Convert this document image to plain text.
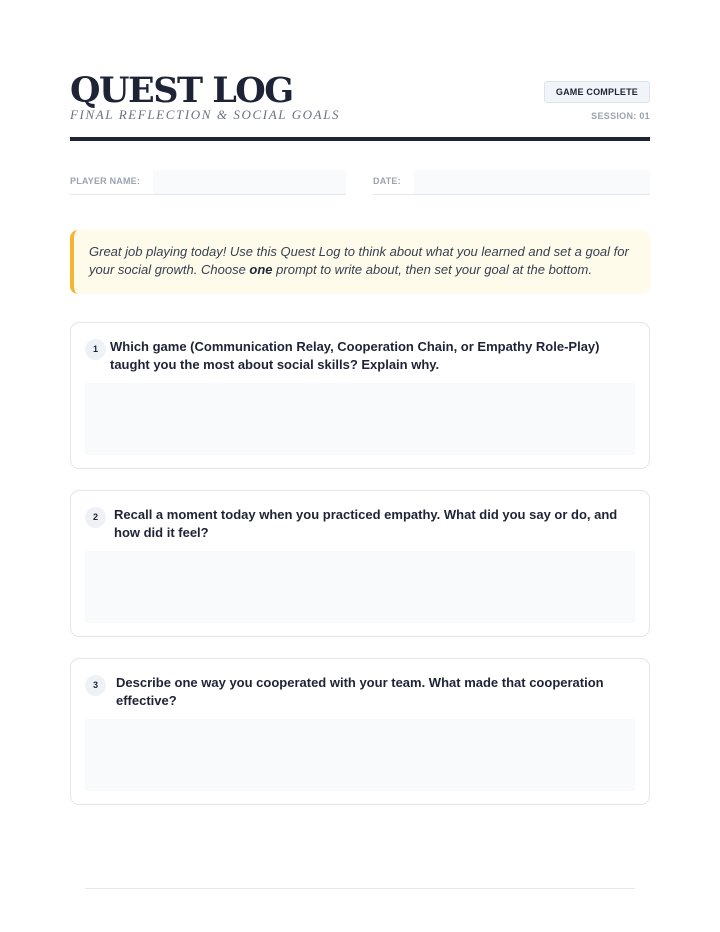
QUEST LOG
FINAL REFLECTION & SOCIAL GOALS
GAME COMPLETE
SESSION: 01
PLAYER NAME:	DATE:
Great job playing today! Use this Quest Log to think about what you learned and set a goal for your social growth. Choose one prompt to write about, then set your goal at the bottom.
1 Which game (Communication Relay, Cooperation Chain, or Empathy Role-Play) taught you the most about social skills? Explain why.
2	Recall a moment today when you practiced empathy. What did you say or do, and how did it feel?
3	Describe one way you cooperated with your team. What made that cooperation effective?
